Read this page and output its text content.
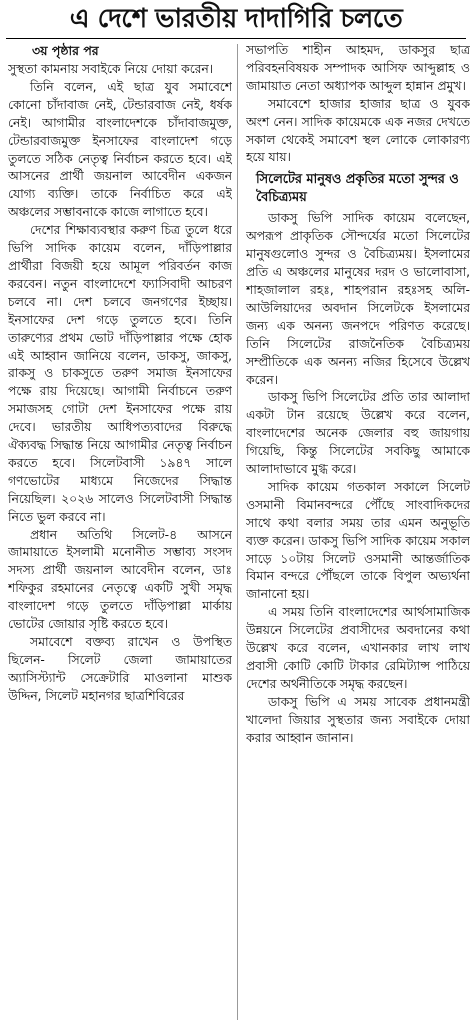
এ দেশে ভারতীয় দাদাগিরি চলতে
৩য় পৃষ্ঠার পর

সুস্থতা কামনায় সবাইকে নিয়ে দোয়া করেন।

তিনি বলেন, এই ছাত্র যুব সমাবেশে কোনো চাঁদাবাজ নেই, টেন্ডারবাজ নেই, ধর্ষক নেই। আগামীর বাংলাদেশকে চাঁদাবাজমুক্ত, টেন্ডারবাজমুক্ত ইনসাফের বাংলাদেশ গড়ে তুলতে সঠিক নেতৃত্ব নির্বাচন করতে হবে। এই আসনের প্রার্থী জয়নাল আবেদীন একজন যোগ্য ব্যক্তি। তাকে নির্বাচিত করে এই অঞ্চলের সম্ভাবনাকে কাজে লাগাতে হবে।

দেশের শিক্ষাব্যবস্থার করুণ চিত্র তুলে ধরে ভিপি সাদিক কায়েম বলেন, দাঁড়িপাল্লার প্রার্থীরা বিজয়ী হয়ে আমূল পরিবর্তন কাজ করবেন। নতুন বাংলাদেশে ফ্যাসিবাদী আচরণ চলবে না। দেশ চলবে জনগণের ইচ্ছায়। ইনসাফের দেশ গড়ে তুলতে হবে। তিনি তারুণ্যের প্রথম ভোট দাঁড়িপাল্লার পক্ষে হোক এই আহ্বান জানিয়ে বলেন, ডাকসু, জাকসু, রাকসু ও চাকসুতে তরুণ সমাজ ইনসাফের পক্ষে রায় দিয়েছে। আগামী নির্বাচনে তরুণ সমাজসহ গোটা দেশ ইনসাফের পক্ষে রায় দেবে। ভারতীয় আধিপত্যবাদের বিরুদ্ধে ঐক্যবদ্ধ সিদ্ধান্ত নিয়ে আগামীর নেতৃত্ব নির্বাচন করতে হবে। সিলেটবাসী ১৯৪৭ সালে গণভোটের মাধ্যমে নিজেদের সিদ্ধান্ত নিয়েছিল। ২০২৬ সালেও সিলেটবাসী সিদ্ধান্ত নিতে ভুল করবে না।

প্রধান অতিথি সিলেট-৪ আসনে জামায়াতে ইসলামী মনোনীত সম্ভাব্য সংসদ সদস্য প্রার্থী জয়নাল আবেদীন বলেন, ডাঃ শফিকুর রহমানের নেতৃত্বে একটি সুখী সমৃদ্ধ বাংলাদেশ গড়ে তুলতে দাঁড়িপাল্লা মার্কায় ভোটের জোয়ার সৃষ্টি করতে হবে।

সমাবেশে বক্তব্য রাখেন ও উপস্থিত ছিলেন- সিলেট জেলা জামায়াতের অ্যাসিস্ট্যান্ট সেক্রেটারি মাওলানা মাশুক উদ্দিন, সিলেট মহানগর ছাত্রশিবিরের

সভাপতি শাহীন আহমদ, ডাকসুর ছাত্র পরিবহনবিষয়ক সম্পাদক আসিফ আব্দুল্লাহ ও জামায়াত নেতা অধ্যাপক আব্দুল হান্নান প্রমুখ।

সমাবেশে হাজার হাজার ছাত্র ও যুবক অংশ নেন। সাদিক কায়েমকে এক নজর দেখতে সকাল থেকেই সমাবেশ স্থল লোকে লোকারণ্য হয়ে যায়।

সিলেটের মানুষও প্রকৃতির মতো সুন্দর ও বৈচিত্র্যময়

ডাকসু ভিপি সাদিক কায়েম বলেছেন, অপরূপ প্রাকৃতিক সৌন্দর্যের মতো সিলেটের মানুষগুলোও সুন্দর ও বৈচিত্র্যময়। ইসলামের প্রতি এ অঞ্চলের মানুষের দরদ ও ভালোবাসা, শাহজালাল রহঃ, শাহপরান রহঃসহ অলি-আউলিয়াদের অবদান সিলেটকে ইসলামের জন্য এক অনন্য জনপদে পরিণত করেছে। তিনি সিলেটের রাজনৈতিক বৈচিত্র্যময় সম্প্রীতিকে এক অনন্য নজির হিসেবে উল্লেখ করেন।

ডাকসু ভিপি সিলেটের প্রতি তার আলাদা একটা টান রয়েছে উল্লেখ করে বলেন, বাংলাদেশের অনেক জেলার বহু জায়গায় গিয়েছি, কিন্তু সিলেটের সবকিছু আমাকে আলাদাভাবে মুগ্ধ করে।

সাদিক কায়েম গতকাল সকালে সিলেট ওসমানী বিমানবন্দরে পৌঁছে সাংবাদিকদের সাথে কথা বলার সময় তার এমন অনুভূতি ব্যক্ত করেন। ডাকসু ভিপি সাদিক কায়েম সকাল সাড়ে ১০টায় সিলেট ওসমানী আন্তর্জাতিক বিমান বন্দরে পৌঁছলে তাকে বিপুল অভ্যর্থনা জানানো হয়।

এ সময় তিনি বাংলাদেশের আর্থসামাজিক উন্নয়নে সিলেটের প্রবাসীদের অবদানের কথা উল্লেখ করে বলেন, এখানকার লাখ লাখ প্রবাসী কোটি কোটি টাকার রেমিট্যান্স পাঠিয়ে দেশের অর্থনীতিকে সমৃদ্ধ করছেন।

ডাকসু ভিপি এ সময় সাবেক প্রধানমন্ত্রী খালেদা জিয়ার সুস্থতার জন্য সবাইকে দোয়া করার আহ্বান জানান।
